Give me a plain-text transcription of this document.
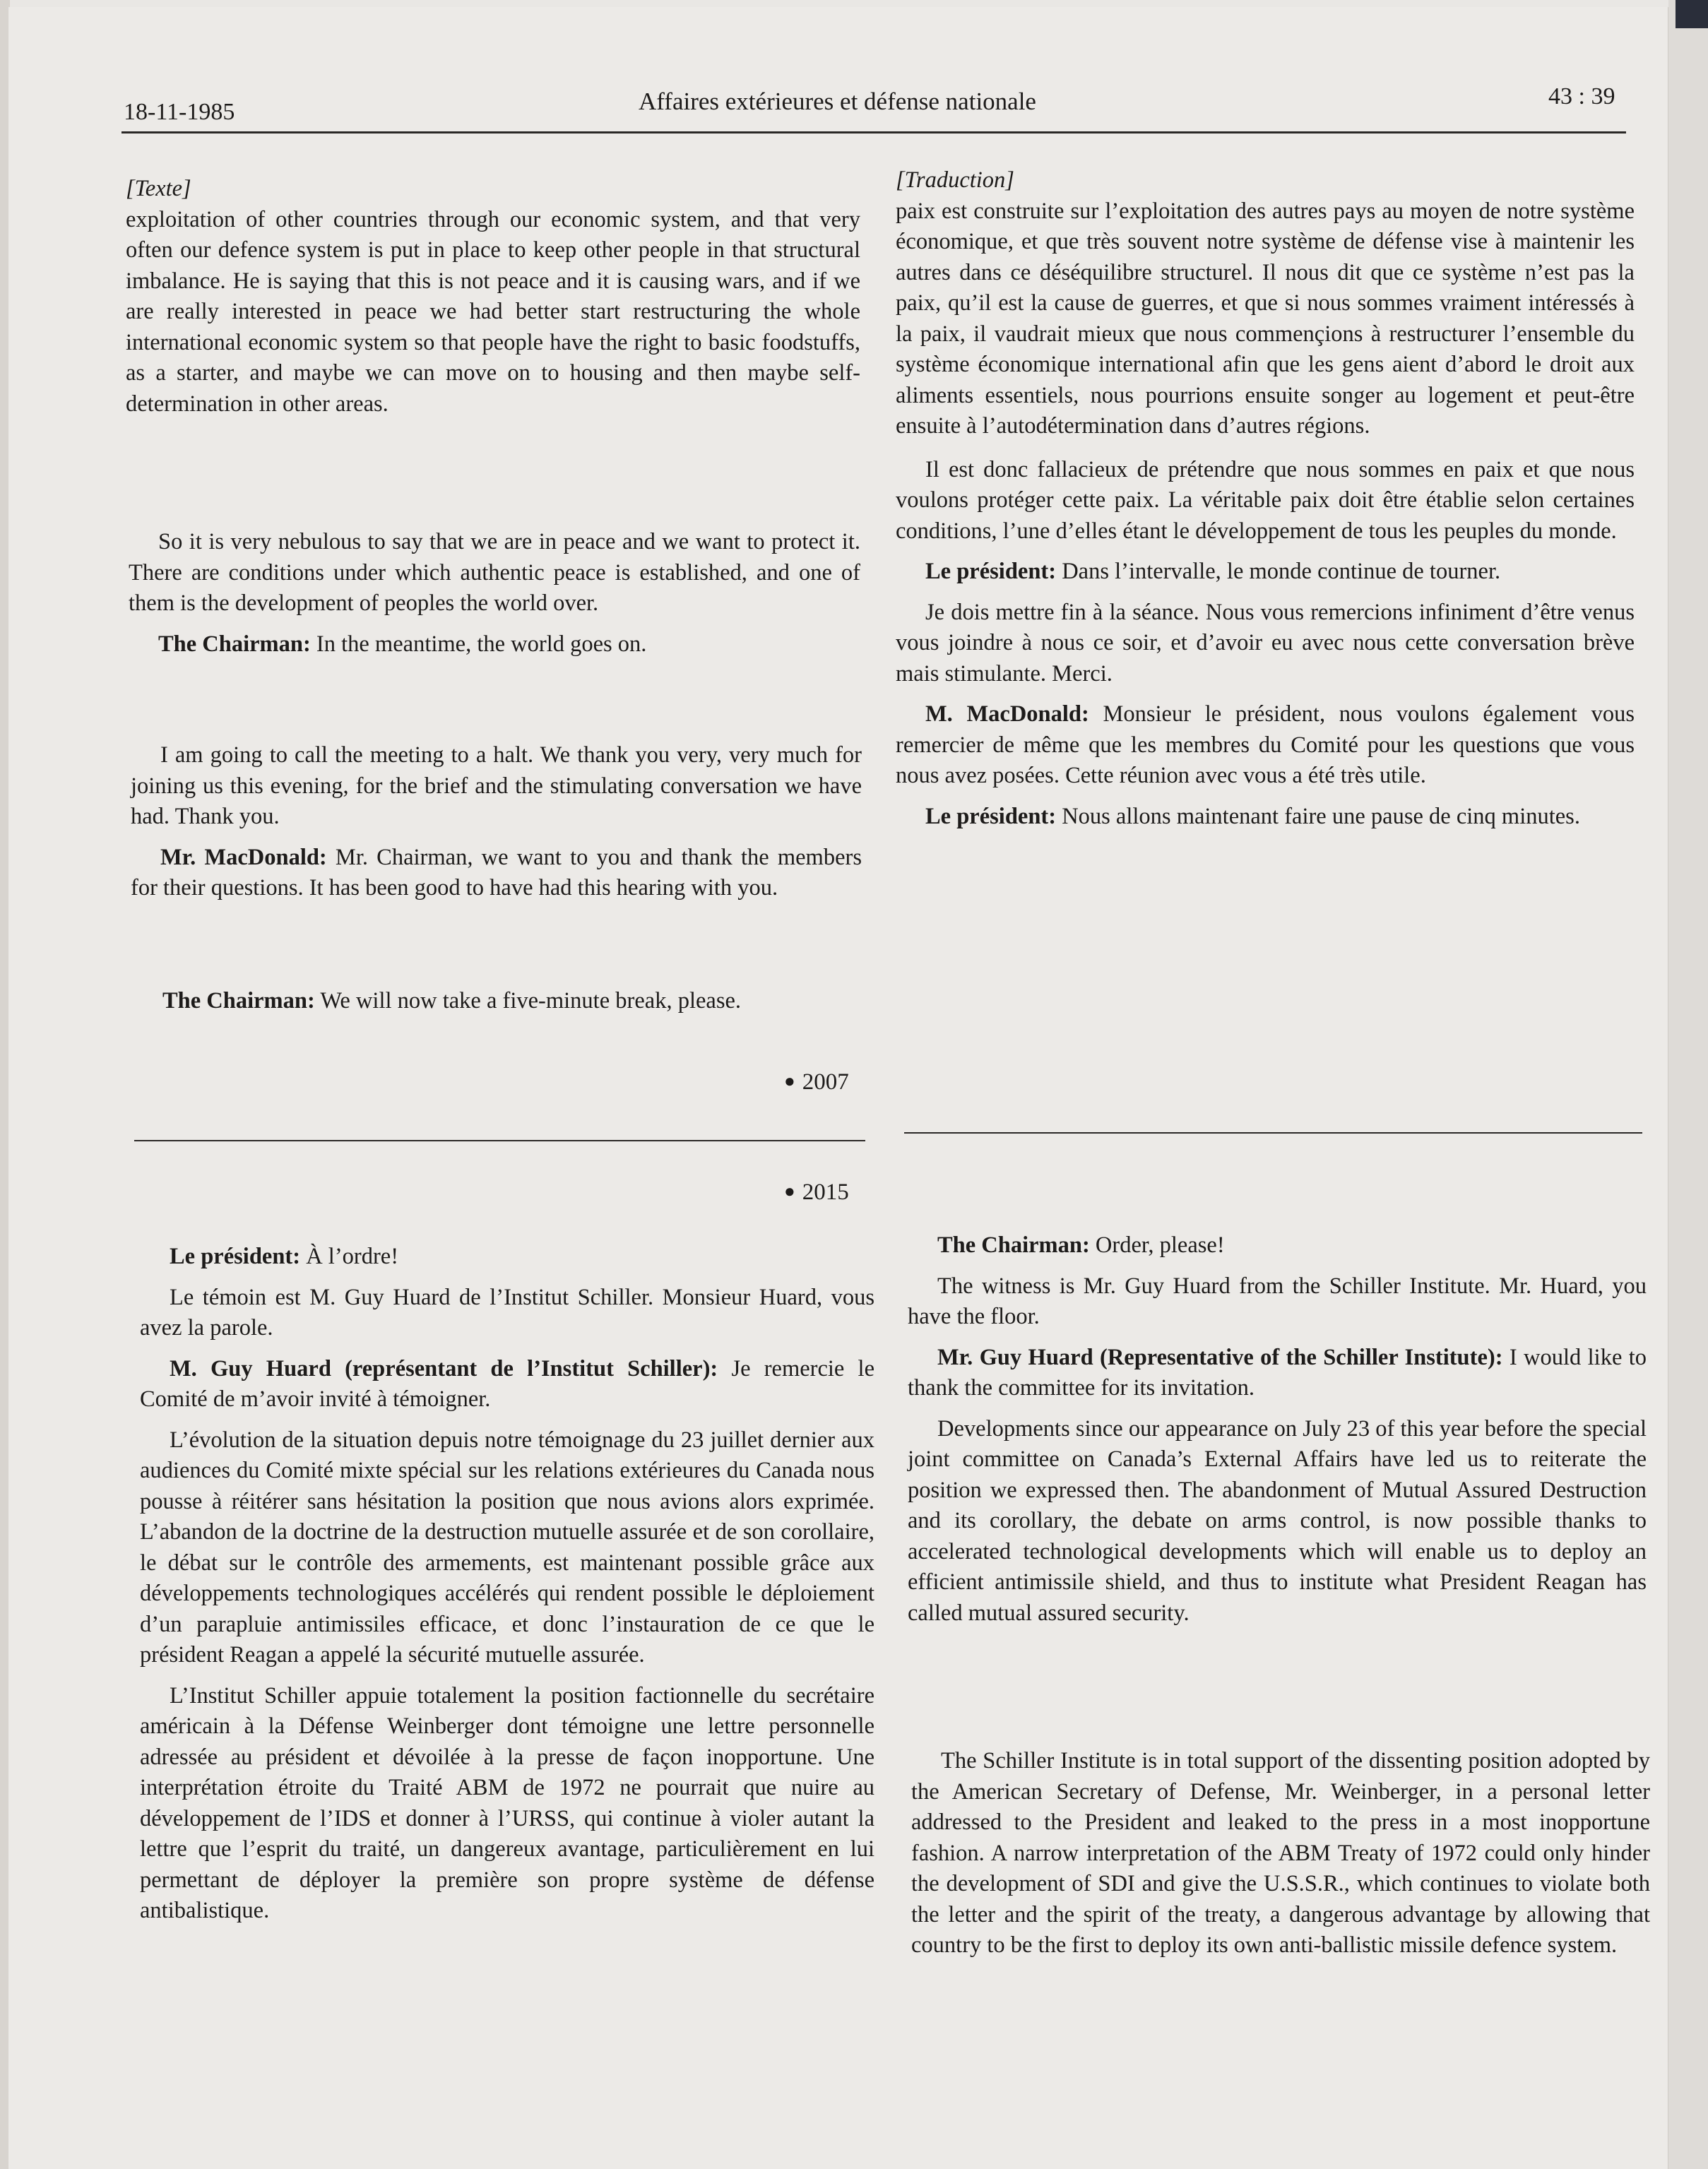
18-11-1985	Affaires extérieures et défense nationale	43 : 39

[Texte]

exploitation of other countries through our economic system, and that very often our defence system is put in place to keep other people in that structural imbalance. He is saying that this is not peace and it is causing wars, and if we are really interested in peace we had better start restructuring the whole international economic system so that people have the right to basic foodstuffs, as a starter, and maybe we can move on to housing and then maybe self-determination in other areas.

So it is very nebulous to say that we are in peace and we want to protect it. There are conditions under which authentic peace is established, and one of them is the development of peoples the world over.

The Chairman: In the meantime, the world goes on.

I am going to call the meeting to a halt. We thank you very, very much for joining us this evening, for the brief and the stimulating conversation we have had. Thank you.

Mr. MacDonald: Mr. Chairman, we want to you and thank the members for their questions. It has been good to have had this hearing with you.

The Chairman: We will now take a five-minute break, please.

● 2007
● 2015

Le président: À l’ordre!

Le témoin est M. Guy Huard de l’Institut Schiller. Monsieur Huard, vous avez la parole.

M. Guy Huard (représentant de l’Institut Schiller): Je remercie le Comité de m’avoir invité à témoigner.

L’évolution de la situation depuis notre témoignage du 23 juillet dernier aux audiences du Comité mixte spécial sur les relations extérieures du Canada nous pousse à réitérer sans hésitation la position que nous avions alors exprimée. L’abandon de la doctrine de la destruction mutuelle assurée et de son corollaire, le débat sur le contrôle des armements, est maintenant possible grâce aux développements technologiques accélérés qui rendent possible le déploiement d’un parapluie antimissiles efficace, et donc l’instauration de ce que le président Reagan a appelé la sécurité mutuelle assurée.

L’Institut Schiller appuie totalement la position factionnelle du secrétaire américain à la Défense Weinberger dont témoigne une lettre personnelle adressée au président et dévoilée à la presse de façon inopportune. Une interprétation étroite du Traité ABM de 1972 ne pourrait que nuire au développement de l’IDS et donner à l’URSS, qui continue à violer autant la lettre que l’esprit du traité, un dangereux avantage, particulièrement en lui permettant de déployer la première son propre système de défense antibalistique.

[Traduction]

paix est construite sur l’exploitation des autres pays au moyen de notre système économique, et que très souvent notre système de défense vise à maintenir les autres dans ce déséquilibre structurel. Il nous dit que ce système n’est pas la paix, qu’il est la cause de guerres, et que si nous sommes vraiment intéressés à la paix, il vaudrait mieux que nous commençions à restructurer l’ensemble du système économique international afin que les gens aient d’abord le droit aux aliments essentiels, nous pourrions ensuite songer au logement et peut-être ensuite à l’autodétermination dans d’autres régions.

Il est donc fallacieux de prétendre que nous sommes en paix et que nous voulons protéger cette paix. La véritable paix doit être établie selon certaines conditions, l’une d’elles étant le développement de tous les peuples du monde.

Le président: Dans l’intervalle, le monde continue de tourner.

Je dois mettre fin à la séance. Nous vous remercions infiniment d’être venus vous joindre à nous ce soir, et d’avoir eu avec nous cette conversation brève mais stimulante. Merci.

M. MacDonald: Monsieur le président, nous voulons également vous remercier de même que les membres du Comité pour les questions que vous nous avez posées. Cette réunion avec vous a été très utile.

Le président: Nous allons maintenant faire une pause de cinq minutes.

The Chairman: Order, please!

The witness is Mr. Guy Huard from the Schiller Institute. Mr. Huard, you have the floor.

Mr. Guy Huard (Representative of the Schiller Institute): I would like to thank the committee for its invitation.

Developments since our appearance on July 23 of this year before the special joint committee on Canada’s External Affairs have led us to reiterate the position we expressed then. The abandonment of Mutual Assured Destruction and its corollary, the debate on arms control, is now possible thanks to accelerated technological developments which will enable us to deploy an efficient antimissile shield, and thus to institute what President Reagan has called mutual assured security.

The Schiller Institute is in total support of the dissenting position adopted by the American Secretary of Defense, Mr. Weinberger, in a personal letter addressed to the President and leaked to the press in a most inopportune fashion. A narrow interpretation of the ABM Treaty of 1972 could only hinder the development of SDI and give the U.S.S.R., which continues to violate both the letter and the spirit of the treaty, a dangerous advantage by allowing that country to be the first to deploy its own anti-ballistic missile defence system.
